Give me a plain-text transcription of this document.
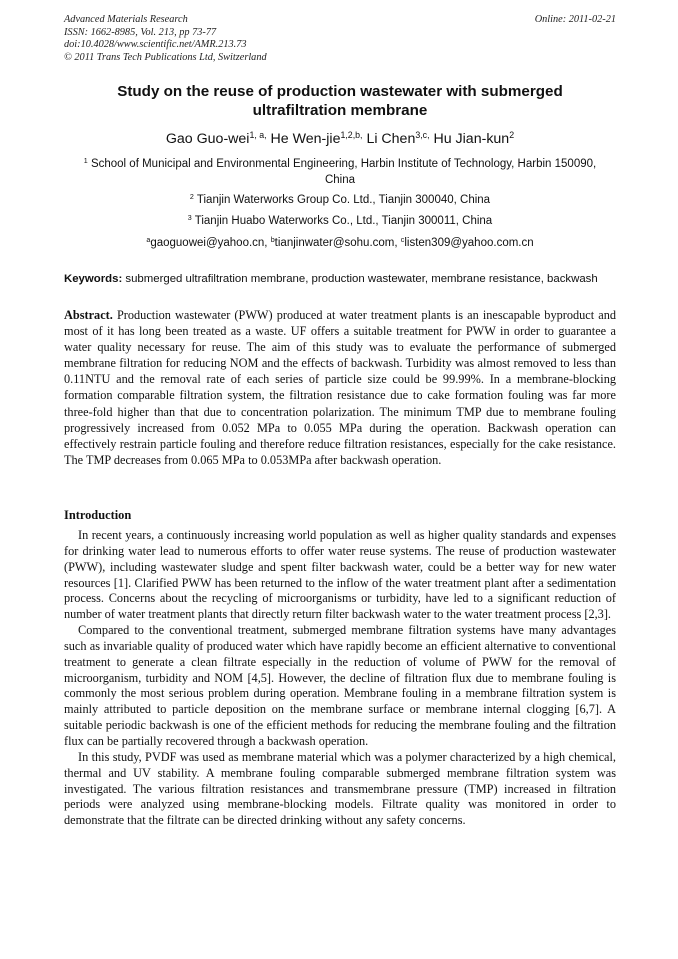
Advanced Materials Research
ISSN: 1662-8985, Vol. 213, pp 73-77
doi:10.4028/www.scientific.net/AMR.213.73
© 2011 Trans Tech Publications Ltd, Switzerland
Online: 2011-02-21
Study on the reuse of production wastewater with submerged
ultrafiltration membrane
Gao Guo-wei$^{1, a,}$ He Wen-jie$^{1,2,b,}$ Li Chen$^{3,c,}$ Hu Jian-kun$^2$
$^1$ School of Municipal and Environmental Engineering, Harbin Institute of Technology, Harbin 150090, China
$^2$ Tianjin Waterworks Group Co. Ltd., Tianjin 300040, China
$^3$ Tianjin Huabo Waterworks Co., Ltd., Tianjin 300011, China
$^a$gaoguowei@yahoo.cn, $^b$tianjinwater@sohu.com, $^c$listen309@yahoo.com.cn
Keywords: submerged ultrafiltration membrane, production wastewater, membrane resistance, backwash
Abstract. Production wastewater (PWW) produced at water treatment plants is an inescapable byproduct and most of it has long been treated as a waste. UF offers a suitable treatment for PWW in order to guarantee a water quality necessary for reuse. The aim of this study was to evaluate the performance of submerged membrane filtration for reducing NOM and the effects of backwash. Turbidity was almost removed to less than 0.11NTU and the removal rate of each series of particle size could be 99.99%. In a membrane-blocking formation comparable filtration system, the filtration resistance due to cake formation fouling was far more three-fold higher than that due to concentration polarization. The minimum TMP due to membrane fouling progressively increased from 0.052 MPa to 0.055 MPa during the operation. Backwash operation can effectively restrain particle fouling and therefore reduce filtration resistances, especially for the cake resistance. The TMP decreases from 0.065 MPa to 0.053MPa after backwash operation.
Introduction

In recent years, a continuously increasing world population as well as higher quality standards and expenses for drinking water lead to numerous efforts to offer water reuse systems. The reuse of production wastewater (PWW), including wastewater sludge and spent filter backwash water, could be a better way for new water resources [1]. Clarified PWW has been returned to the inflow of the water treatment plant after a sedimentation process. Concerns about the recycling of microorganisms or turbidity, have led to a significant reduction of number of water treatment plants that directly return filter backwash water to the water treatment process [2,3].

Compared to the conventional treatment, submerged membrane filtration systems have many advantages such as invariable quality of produced water which have rapidly become an efficient alternative to conventional treatment to generate a clean filtrate especially in the reduction of volume of PWW for the removal of microorganism, turbidity and NOM [4,5]. However, the decline of filtration flux due to membrane fouling is commonly the most serious problem during operation. Membrane fouling in a membrane filtration system is mainly attributed to particle deposition on the membrane surface or membrane internal clogging [6,7]. A suitable periodic backwash is one of the efficient methods for reducing the membrane fouling and the filtration flux can be partially recovered through a backwash operation.

In this study, PVDF was used as membrane material which was a polymer characterized by a high chemical, thermal and UV stability. A membrane fouling comparable submerged membrane filtration system was investigated. The various filtration resistances and transmembrane pressure (TMP) increased in filtration periods were analyzed using membrane-blocking models. Filtrate quality was monitored in order to demonstrate that the filtrate can be directed drinking without any safety concerns.
